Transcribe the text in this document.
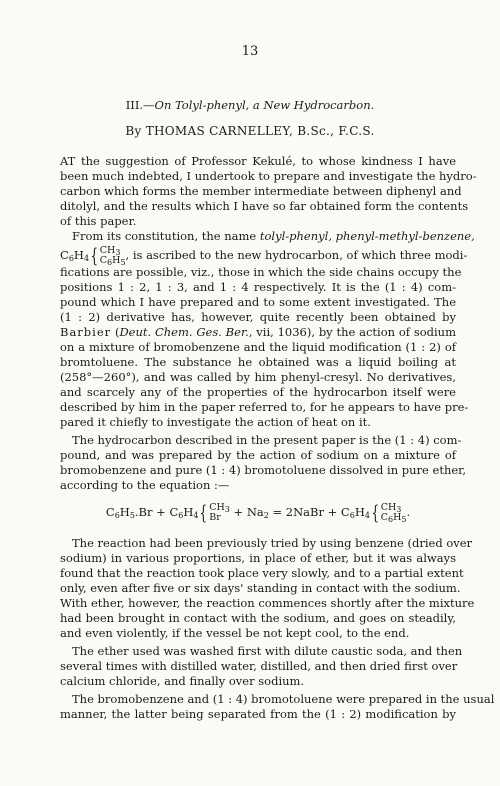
13
III.—On Tolyl-phenyl, a New Hydrocarbon.
By THOMAS CARNELLEY, B.Sc., F.C.S.
AT the suggestion of Professor Kekulé, to whose kindness I have
been much indebted, I undertook to prepare and investigate the hydro-
carbon which forms the member intermediate between diphenyl and
ditolyl, and the results which I have so far obtained form the contents
of this paper.
From its constitution, the name tolyl-phenyl, phenyl-methyl-benzene,
$C_6H_4${ $CH_3$
$C_6H_5$, is ascribed to the new hydrocarbon, of which three modi-
fications are possible, viz., those in which the side chains occupy the
positions 1 : 2, 1 : 3, and 1 : 4 respectively. It is the (1 : 4) com-
pound which I have prepared and to some extent investigated. The
(1 : 2) derivative has, however, quite recently been obtained by
Barbier (Deut. Chem. Ges. Ber., vii, 1036), by the action of sodium
on a mixture of bromobenzene and the liquid modification (1 : 2) of
bromtoluene. The substance he obtained was a liquid boiling at
(258°—260°), and was called by him phenyl-cresyl. No derivatives,
and scarcely any of the properties of the hydrocarbon itself were
described by him in the paper referred to, for he appears to have pre-
pared it chiefly to investigate the action of heat on it.
The hydrocarbon described in the present paper is the (1 : 4) com-
pound, and was prepared by the action of sodium on a mixture of
bromobenzene and pure (1 : 4) bromotoluene dissolved in pure ether,
according to the equation :—
$C_6H_5.Br + C_6H_4${ $CH_3$
$Br + Na_2$ = 2NaBr + $C_6H_4${ $CH_3$
$C_6H_5$.
The reaction had been previously tried by using benzene (dried over
sodium) in various proportions, in place of ether, but it was always
found that the reaction took place very slowly, and to a partial extent
only, even after five or six days' standing in contact with the sodium.
With ether, however, the reaction commences shortly after the mixture
had been brought in contact with the sodium, and goes on steadily,
and even violently, if the vessel be not kept cool, to the end.
The ether used was washed first with dilute caustic soda, and then
several times with distilled water, distilled, and then dried first over
calcium chloride, and finally over sodium.
The bromobenzene and (1 : 4) bromotoluene were prepared in the usual
manner, the latter being separated from the (1 : 2) modification by
